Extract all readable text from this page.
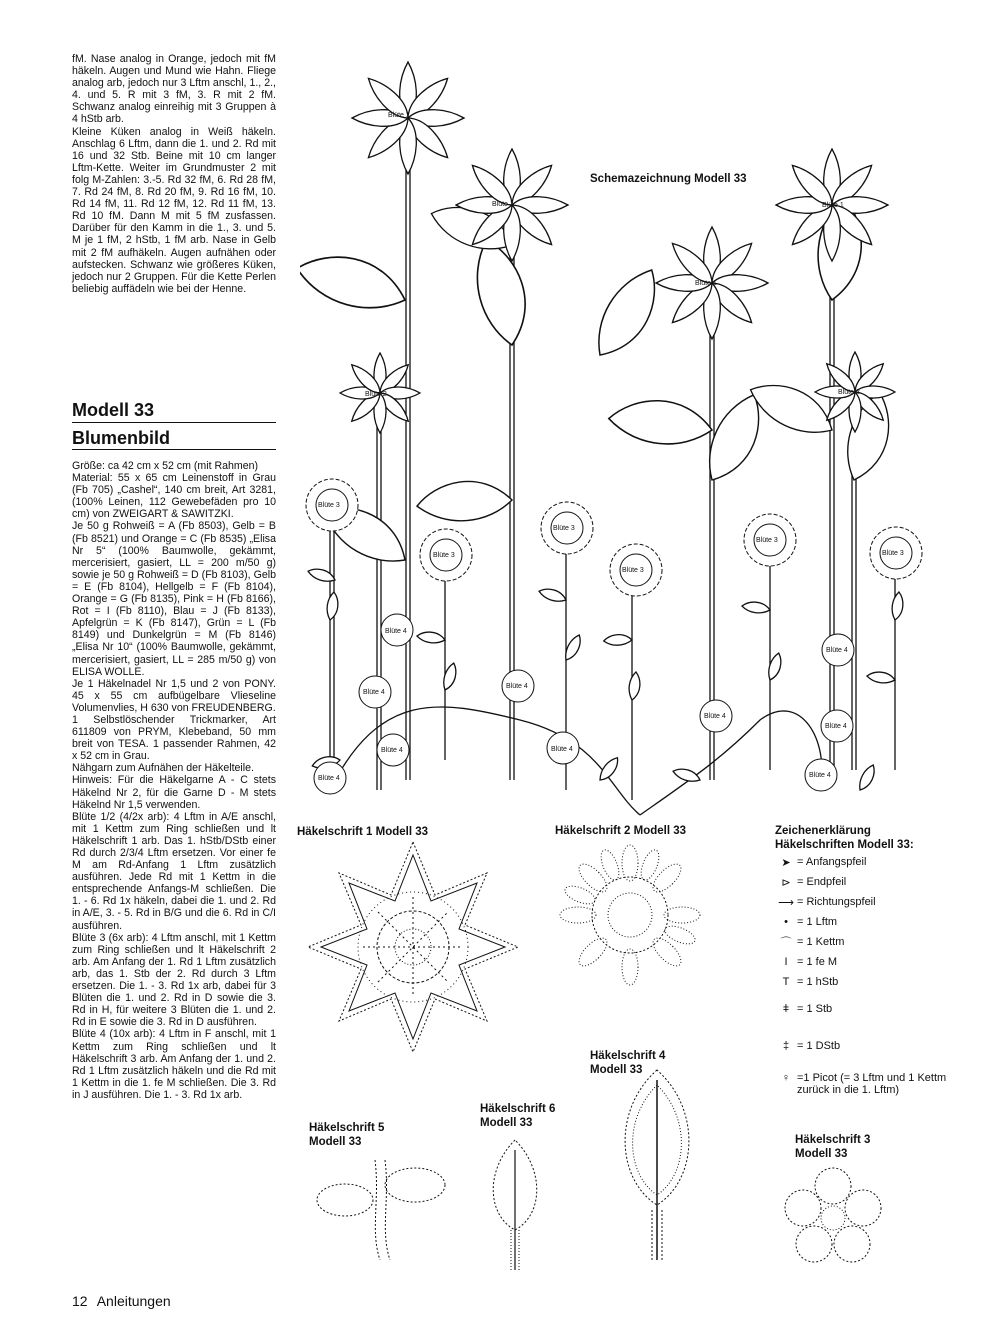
fM. Nase analog in Orange, jedoch mit fM häkeln. Augen und Mund wie Hahn. Fliege analog arb, jedoch nur 3 Lftm anschl, 1., 2., 4. und 5. R mit 3 fM, 3. R mit 2 fM. Schwanz analog einreihig mit 3 Gruppen à 4 hStb arb.

Kleine Küken analog in Weiß häkeln. Anschlag 6 Lftm, dann die 1. und 2. Rd mit 16 und 32 Stb. Beine mit 10 cm langer Lftm-Kette. Weiter im Grundmuster 2 mit folg M-Zahlen: 3.-5. Rd 32 fM, 6. Rd 28 fM, 7. Rd 24 fM, 8. Rd 20 fM, 9. Rd 16 fM, 10. Rd 14 fM, 11. Rd 12 fM, 12. Rd 11 fM, 13. Rd 10 fM. Dann M mit 5 fM zusfassen. Darüber für den Kamm in die 1., 3. und 5. M je 1 fM, 2 hStb, 1 fM arb. Nase in Gelb mit 2 fM aufhäkeln. Augen aufnähen oder aufstecken. Schwanz wie größeres Küken, jedoch nur 2 Gruppen. Für die Kette Perlen beliebig auffädeln wie bei der Henne.

Modell 33
Blumenbild

Größe: ca 42 cm x 52 cm (mit Rahmen)

Material: 55 x 65 cm Leinenstoff in Grau (Fb 705) „Cashel“, 140 cm breit, Art 3281, (100% Leinen, 112 Gewebefäden pro 10 cm) von ZWEIGART & SAWITZKI.

Je 50 g Rohweiß = A (Fb 8503), Gelb = B (Fb 8521) und Orange = C (Fb 8535) „Elisa Nr 5“ (100% Baumwolle, gekämmt, mercerisiert, gasiert, LL = 200 m/50 g) sowie je 50 g Rohweiß = D (Fb 8103), Gelb = E (Fb 8104), Hellgelb = F (Fb 8104), Orange = G (Fb 8135), Pink = H (Fb 8166), Rot = I (Fb 8110), Blau = J (Fb 8133), Apfelgrün = K (Fb 8147), Grün = L (Fb 8149) und Dunkelgrün = M (Fb 8146) „Elisa Nr 10“ (100% Baumwolle, gekämmt, mercerisiert, gasiert, LL = 285 m/50 g) von ELISA WOLLE.

Je 1 Häkelnadel Nr 1,5 und 2 von PONY. 45 x 55 cm aufbügelbare Vlieseline Volumenvlies, H 630 von FREUDENBERG.

1 Selbstlöschender Trickmarker, Art 611809 von PRYM, Klebeband, 50 mm breit von TESA. 1 passender Rahmen, 42 x 52 cm in Grau.

Nähgarn zum Aufnähen der Häkelteile.

Hinweis: Für die Häkelgarne A - C stets Häkelnd Nr 2, für die Garne D - M stets Häkelnd Nr 1,5 verwenden.

Blüte 1/2 (4/2x arb): 4 Lftm in A/E anschl, mit 1 Kettm zum Ring schließen und lt Häkelschrift 1 arb. Das 1. hStb/DStb einer Rd durch 2/3/4 Lftm ersetzen. Vor einer fe M am Rd-Anfang 1 Lftm zusätzlich ausführen. Jede Rd mit 1 Kettm in die entsprechende Anfangs-M schließen. Die 1. - 6. Rd 1x häkeln, dabei die 1. und 2. Rd in A/E, 3. - 5. Rd in B/G und die 6. Rd in C/I ausführen.

Blüte 3 (6x arb): 4 Lftm anschl, mit 1 Kettm zum Ring schließen und lt Häkelschrift 2 arb. Am Anfang der 1. Rd 1 Lftm zusätzlich arb, das 1. Stb der 2. Rd durch 3 Lftm ersetzen. Die 1. - 3. Rd 1x arb, dabei für 3 Blüten die 1. und 2. Rd in D sowie die 3. Rd in H, für weitere 3 Blüten die 1. und 2. Rd in E sowie die 3. Rd in D ausführen.

Blüte 4 (10x arb): 4 Lftm in F anschl, mit 1 Kettm zum Ring schließen und lt Häkelschrift 3 arb. Am Anfang der 1. und 2. Rd 1 Lftm zusätzlich häkeln und die Rd mit 1 Kettm in die 1. fe M schließen. Die 3. Rd in J ausführen. Die 1. - 3. Rd 1x arb.

12 Anleitungen
Schemazeichnung Modell 33
Blüte 1
Blüte 1
Blüte 1
Blüte 1
Blüte 2	Blüte 2
Blüte 3
Blüte 3
Blüte 3
Blüte 3
Blüte 3
Blüte 3
Blüte 4
Blüte 4
Blüte 4
Blüte 4
Blüte 4
Blüte 4
Blüte 4
Blüte 4
Blüte 4
Blüte 4
Häkelschrift 1 Modell 33	Häkelschrift 2 Modell 33
Häkelschrift 3
Modell 33
Häkelschrift 4
Modell 33
Häkelschrift 5
Modell 33
Häkelschrift 6
Modell 33
Zeichenerklärung
Häkelschriften Modell 33:
➤ = Anfangspfeil
⊳ = Endpfeil
⟶ = Richtungspfeil
• = 1 Lftm
⌒ = 1 Kettm
I = 1 fe M
T = 1 hStb
ǂ = 1 Stb
‡ = 1 DStb
♀ =1 Picot (= 3 Lftm und 1 Kettm zurück in die 1. Lftm)
